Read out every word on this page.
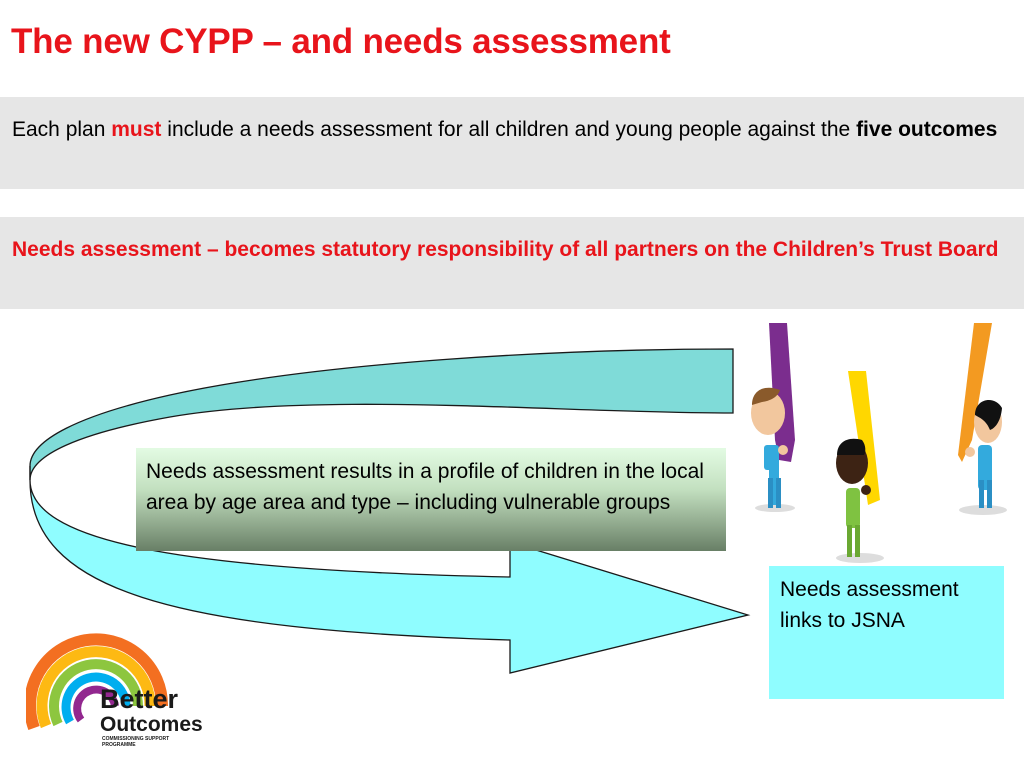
The new CYPP – and needs assessment
Each plan must include a needs assessment for all children and young people against the five outcomes
Needs assessment – becomes statutory responsibility of all partners on the Children’s Trust Board
Needs assessment results in a profile of children in the local area by age area and type – including vulnerable groups
Needs assessment links to JSNA
Better
Outcomes
COMMISSIONING SUPPORT
PROGRAMME
